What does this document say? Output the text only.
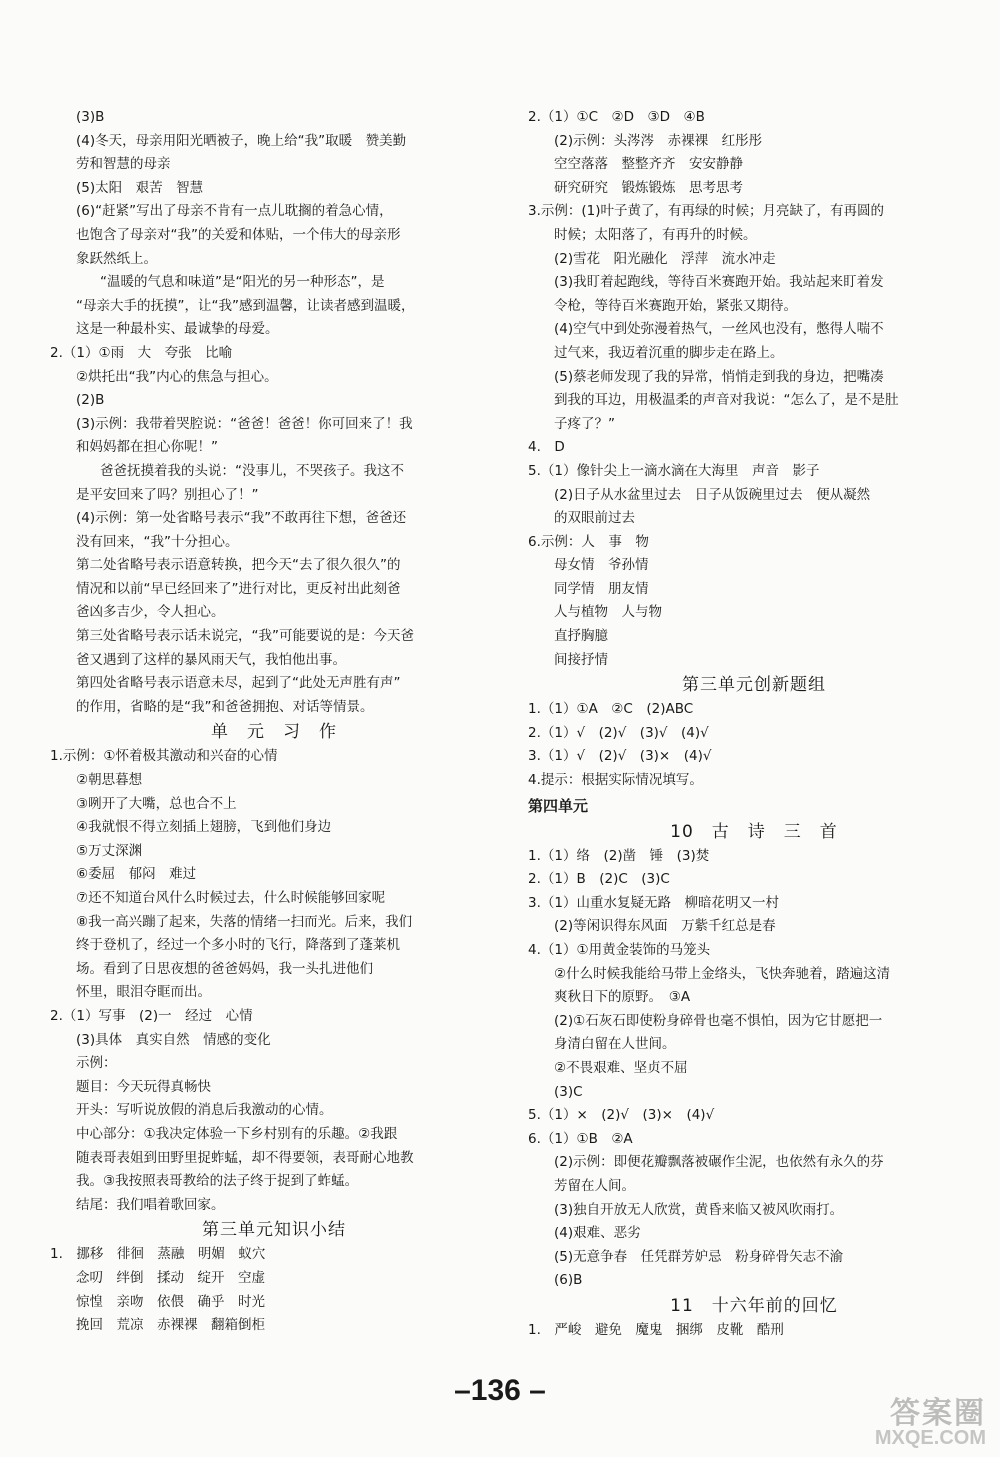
(3)B
(4)冬天，母亲用阳光晒被子，晚上给“我”取暖　赞美勤
劳和智慧的母亲
(5)太阳　艰苦　智慧
(6)“赶紧”写出了母亲不肯有一点儿耽搁的着急心情，
也饱含了母亲对“我”的关爱和体贴，一个伟大的母亲形
象跃然纸上。
“温暖的气息和味道”是“阳光的另一种形态”，是
“母亲大手的抚摸”，让“我”感到温馨，让读者感到温暖，
这是一种最朴实、最诚挚的母爱。
2.（1）①雨　大　夸张　比喻
②烘托出“我”内心的焦急与担心。
(2)B
(3)示例：我带着哭腔说：“爸爸！爸爸！你可回来了！我
和妈妈都在担心你呢！”
爸爸抚摸着我的头说：“没事儿，不哭孩子。我这不
是平安回来了吗？别担心了！”
(4)示例：第一处省略号表示“我”不敢再往下想，爸爸还
没有回来，“我”十分担心。
第二处省略号表示语意转换，把今天“去了很久很久”的
情况和以前“早已经回来了”进行对比，更反衬出此刻爸
爸凶多吉少，令人担心。
第三处省略号表示话未说完，“我”可能要说的是：今天爸
爸又遇到了这样的暴风雨天气，我怕他出事。
第四处省略号表示语意未尽，起到了“此处无声胜有声”
的作用，省略的是“我”和爸爸拥抱、对话等情景。
单　元　习　作
1.示例：①怀着极其激动和兴奋的心情
②朝思暮想
③咧开了大嘴，总也合不上
④我就恨不得立刻插上翅膀，飞到他们身边
⑤万丈深渊
⑥委屈　郁闷　难过
⑦还不知道台风什么时候过去，什么时候能够回家呢
⑧我一高兴蹦了起来，失落的情绪一扫而光。后来，我们
终于登机了，经过一个多小时的飞行，降落到了蓬莱机
场。看到了日思夜想的爸爸妈妈，我一头扎进他们
怀里，眼泪夺眶而出。
2.（1）写事　(2)一　经过　心情
(3)具体　真实自然　情感的变化
示例：
题目：今天玩得真畅快
开头：写听说放假的消息后我激动的心情。
中心部分：①我决定体验一下乡村别有的乐趣。②我跟
随表哥表姐到田野里捉蚱蜢，却不得要领，表哥耐心地教
我。③我按照表哥教给的法子终于捉到了蚱蜢。
结尾：我们唱着歌回家。
第三单元知识小结
1.　挪移　徘徊　蒸融　明媚　蚁穴
念叨　绊倒　揉动　绽开　空虚
惊惶　亲吻　依偎　确乎　时光
挽回　荒凉　赤裸裸　翻箱倒柜
2.（1）①C　②D　③D　④B
(2)示例：头涔涔　赤裸裸　红彤彤
空空落落　整整齐齐　安安静静
研究研究　锻炼锻炼　思考思考
3.示例：(1)叶子黄了，有再绿的时候；月亮缺了，有再圆的
时候；太阳落了，有再升的时候。
(2)雪花　阳光融化　浮萍　流水冲走
(3)我盯着起跑线，等待百米赛跑开始。我站起来盯着发
令枪，等待百米赛跑开始，紧张又期待。
(4)空气中到处弥漫着热气，一丝风也没有，憋得人喘不
过气来，我迈着沉重的脚步走在路上。
(5)蔡老师发现了我的异常，悄悄走到我的身边，把嘴凑
到我的耳边，用极温柔的声音对我说：“怎么了，是不是肚
子疼了？”
4.　D
5.（1）像针尖上一滴水滴在大海里　声音　影子
(2)日子从水盆里过去　日子从饭碗里过去　便从凝然
的双眼前过去
6.示例：人　事　物
母女情　爷孙情
同学情　朋友情
人与植物　人与物
直抒胸臆
间接抒情
第三单元创新题组
1.（1）①A　②C　(2)ABC
2.（1）√　(2)√　(3)√　(4)√
3.（1）√　(2)√　(3)×　(4)√
4.提示：根据实际情况填写。
第四单元
10　古　诗　三　首
1.（1）络　(2)凿　锤　(3)焚
2.（1）B　(2)C　(3)C
3.（1）山重水复疑无路　柳暗花明又一村
(2)等闲识得东风面　万紫千红总是春
4.（1）①用黄金装饰的马笼头
②什么时候我能给马带上金络头，飞快奔驰着，踏遍这清
爽秋日下的原野。　③A
(2)①石灰石即使粉身碎骨也毫不惧怕，因为它甘愿把一
身清白留在人世间。
②不畏艰难、坚贞不屈
(3)C
5.（1）×　(2)√　(3)×　(4)√
6.（1）①B　②A
(2)示例：即便花瓣飘落被碾作尘泥，也依然有永久的芬
芳留在人间。
(3)独自开放无人欣赏，黄昏来临又被风吹雨打。
(4)艰难、恶劣
(5)无意争春　任凭群芳妒忌　粉身碎骨矢志不渝
(6)B
11　十六年前的回忆
1.　严峻　避免　魔鬼　捆绑　皮靴　酷刑
–136 –
答案圈
MXQE.COM
